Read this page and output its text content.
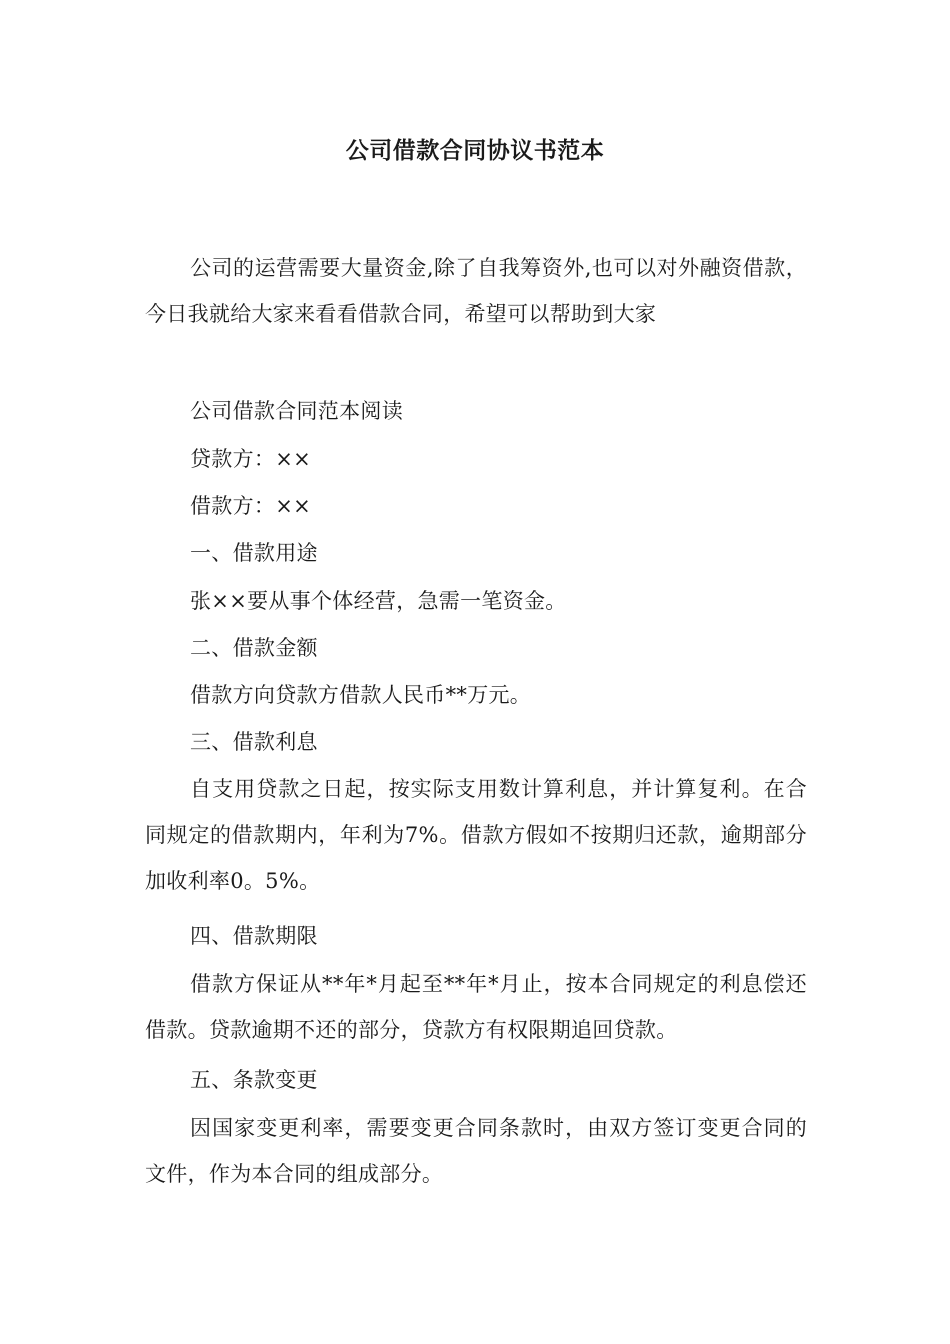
公司借款合同协议书范本

公司的运营需要大量资金,除了自我筹资外,也可以对外融资借款，今日我就给大家来看看借款合同，希望可以帮助到大家

公司借款合同范本阅读

贷款方：××

借款方：××

一、借款用途

张××要从事个体经营，急需一笔资金。

二、借款金额

借款方向贷款方借款人民币**万元。

三、借款利息

自支用贷款之日起，按实际支用数计算利息，并计算复利。在合同规定的借款期内，年利为7%。借款方假如不按期归还款，逾期部分加收利率0。5%。

四、借款期限

借款方保证从**年*月起至**年*月止，按本合同规定的利息偿还借款。贷款逾期不还的部分，贷款方有权限期追回贷款。

五、条款变更

因国家变更利率，需要变更合同条款时，由双方签订变更合同的文件，作为本合同的组成部分。
